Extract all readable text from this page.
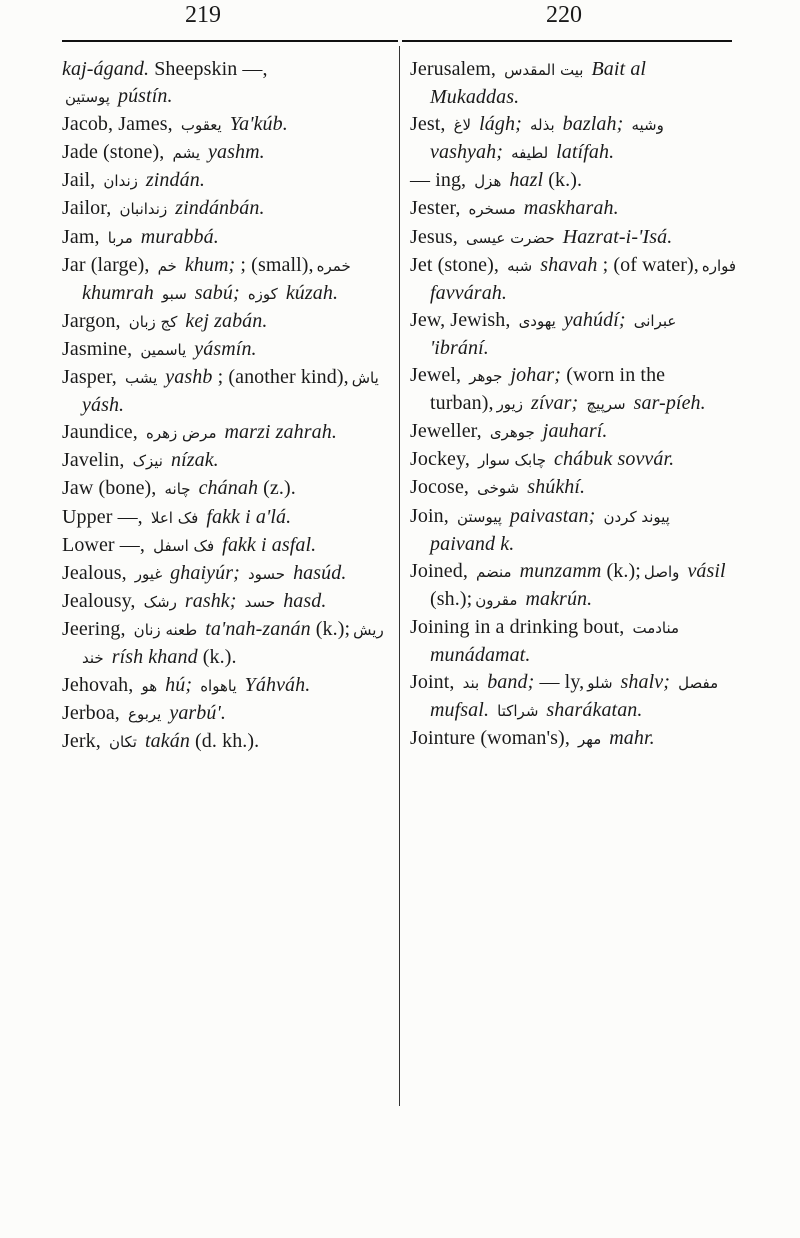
219	220

kaj-ágand. Sheepskin —,

پوستین pústín.

Jacob, James, یعقوب Ya'kúb.

Jade (stone), یشم yashm.

Jail, زندان zindán.

Jailor, زندانبان zindánbán.

Jam, مربا murabbá.

Jar (large), خم khum; ; (small), خمره khumrah سبو sabú; کوزه kúzah.

Jargon, کج زبان kej zabán.

Jasmine, یاسمین yásmín.

Jasper, یشب yashb ; (another kind), یاش yásh.

Jaundice, مرض زهره marzi zahrah.

Javelin, نیزک nízak.

Jaw (bone), چانه chánah (z.).

Upper —, فک اعلا fakk i a'lá.

Lower —, فک اسفل fakk i asfal.

Jealous, غیور ghaiyúr; حسود hasúd.

Jealousy, رشک rashk; حسد hasd.

Jeering, طعنه زنان ta'nah-zanán (k.); ریش خند rísh khand (k.).

Jehovah, هو hú; یاهواه Yáhváh.

Jerboa, یربوع yarbú'.

Jerk, تکان takán (d. kh.).

Jerusalem, بیت المقدس Bait al Mukaddas.

Jest, لاغ lágh; بذله bazlah; وشیه vashyah; لطیفه latífah.

— ing, هزل hazl (k.).

Jester, مسخره maskharah.

Jesus, حضرت عیسی Hazrat-i-'Isá.

Jet (stone), شبه shavah ; (of water), فواره favvárah.

Jew, Jewish, یهودی yahúdí; عبرانی 'ibrání.

Jewel, جوهر johar; (worn in the turban), زیور zívar; سرپیچ sar-píeh.

Jeweller, جوهری jauharí.

Jockey, چابک سوار chábuk sovvár.

Jocose, شوخی shúkhí.

Join, پیوستن paivastan; پیوند کردن paivand k.

Joined, منضم munzamm (k.); واصل vásil (sh.); مقرون makrún.

Joining in a drinking bout, منادمت munádamat.

Joint, بند band; — ly, شلو shalv; مفصل mufsal. شراکتا sharákatan.

Jointure (woman's), مهر mahr.
